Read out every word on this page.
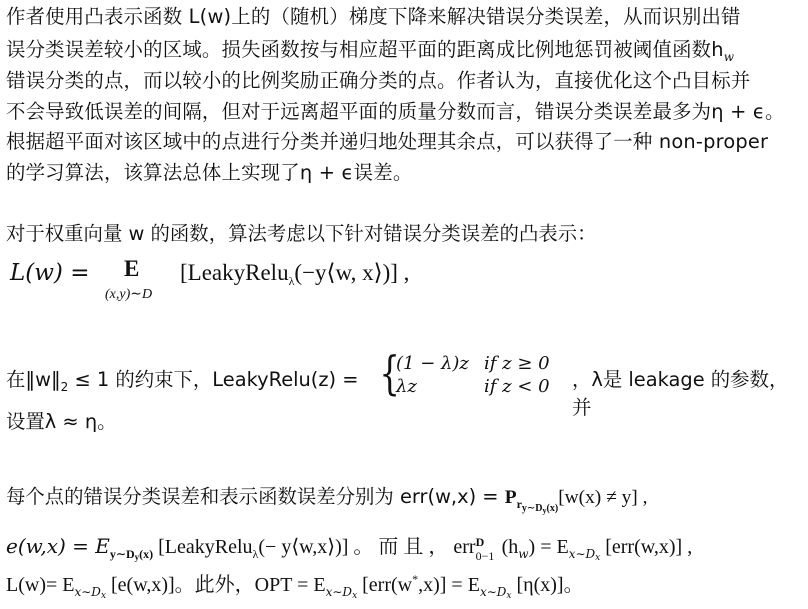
作者使用凸表示函数 L(w)上的（随机）梯度下降来解决错误分类误差，从而识别出错
误分类误差较小的区域。损失函数按与相应超平面的距离成比例地惩罚被阈值函数$h_w$
错误分类的点，而以较小的比例奖励正确分类的点。作者认为，直接优化这个凸目标并
不会导致低误差的间隔，但对于远离超平面的质量分数而言，错误分类误差最多为η + ϵ。
根据超平面对该区域中的点进行分类并递归地处理其余点，可以获得了一种 non-proper
的学习算法，该算法总体上实现了η + ϵ误差。
对于权重向量 w 的函数，算法考虑以下针对错误分类误差的凸表示：
L(w) = E
(x,y)∼D
[LeakyRelu$_\lambda$(−y⟨w, x⟩)] ,
在$‖w‖_2 \le 1$ 的约束下，LeakyRelu(z) = {
(1 − λ)z if z ≥ 0
λz	if z < 0 ，λ是 leakage 的参数，并
设置λ ≈ η。
每个点的错误分类误差和表示函数误差分别为 $err(w,x) = P_{r_{y\sim D_y(x)}}[w(x) \ne y]$ ,
$e(w,x) = E_{y\sim Dy(x)}$ [LeakyRelu$_\lambda$(− y⟨w,x⟩)] 。 而 且 ， err D
0−1 $(h_w) = E_{x\sim Dx}$ [err(w,x)] ,
$L(w)= E_{x\sim Dx}$ [e(w,x)]。此外，OPT = $E_{x\sim Dx}$ $[err(w^*,x)] = E_{x\sim Dx}$ [η(x)]。
